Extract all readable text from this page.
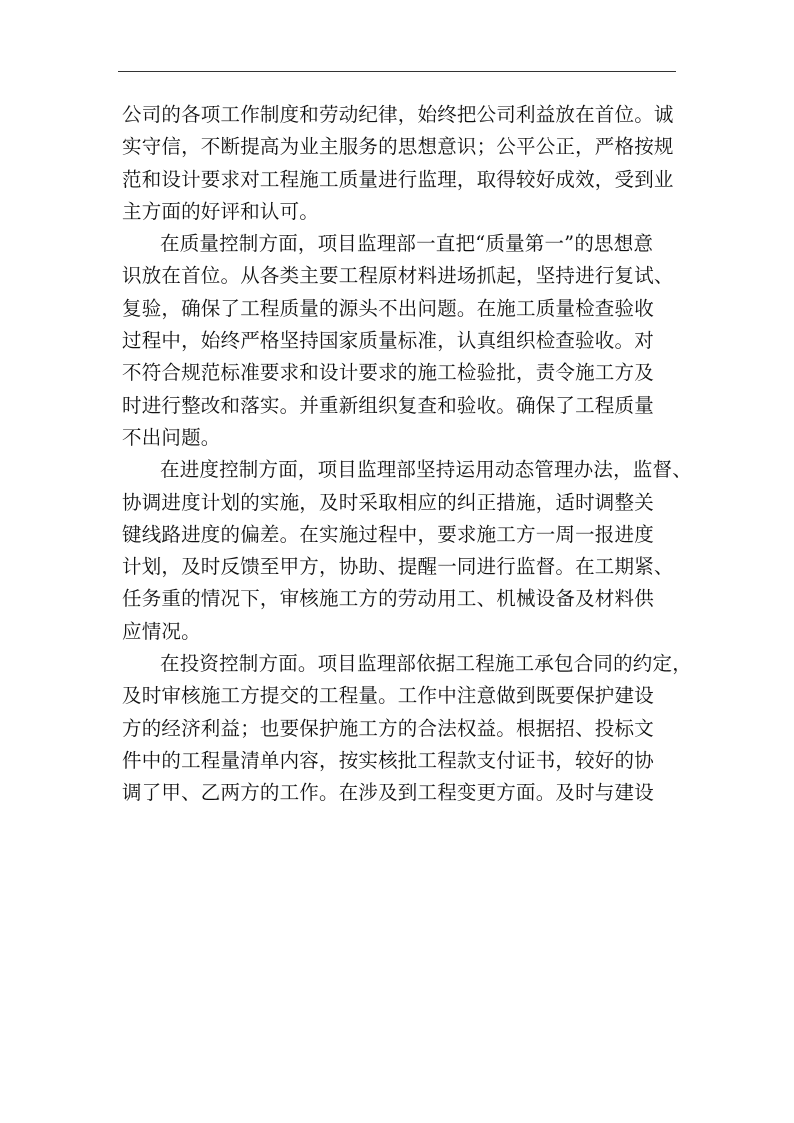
公司的各项工作制度和劳动纪律，始终把公司利益放在首位。诚
实守信，不断提高为业主服务的思想意识；公平公正，严格按规
范和设计要求对工程施工质量进行监理，取得较好成效，受到业
主方面的好评和认可。
在质量控制方面，项目监理部一直把“质量第一”的思想意
识放在首位。从各类主要工程原材料进场抓起，坚持进行复试、
复验，确保了工程质量的源头不出问题。在施工质量检查验收
过程中，始终严格坚持国家质量标准，认真组织检查验收。对
不符合规范标准要求和设计要求的施工检验批，责令施工方及
时进行整改和落实。并重新组织复查和验收。确保了工程质量
不出问题。
在进度控制方面，项目监理部坚持运用动态管理办法，监督、
协调进度计划的实施，及时采取相应的纠正措施，适时调整关
键线路进度的偏差。在实施过程中，要求施工方一周一报进度
计划，及时反馈至甲方，协助、提醒一同进行监督。在工期紧、
任务重的情况下，审核施工方的劳动用工、机械设备及材料供
应情况。
在投资控制方面。项目监理部依据工程施工承包合同的约定，
及时审核施工方提交的工程量。工作中注意做到既要保护建设
方的经济利益；也要保护施工方的合法权益。根据招、投标文
件中的工程量清单内容，按实核批工程款支付证书，较好的协
调了甲、乙两方的工作。在涉及到工程变更方面。及时与建设
